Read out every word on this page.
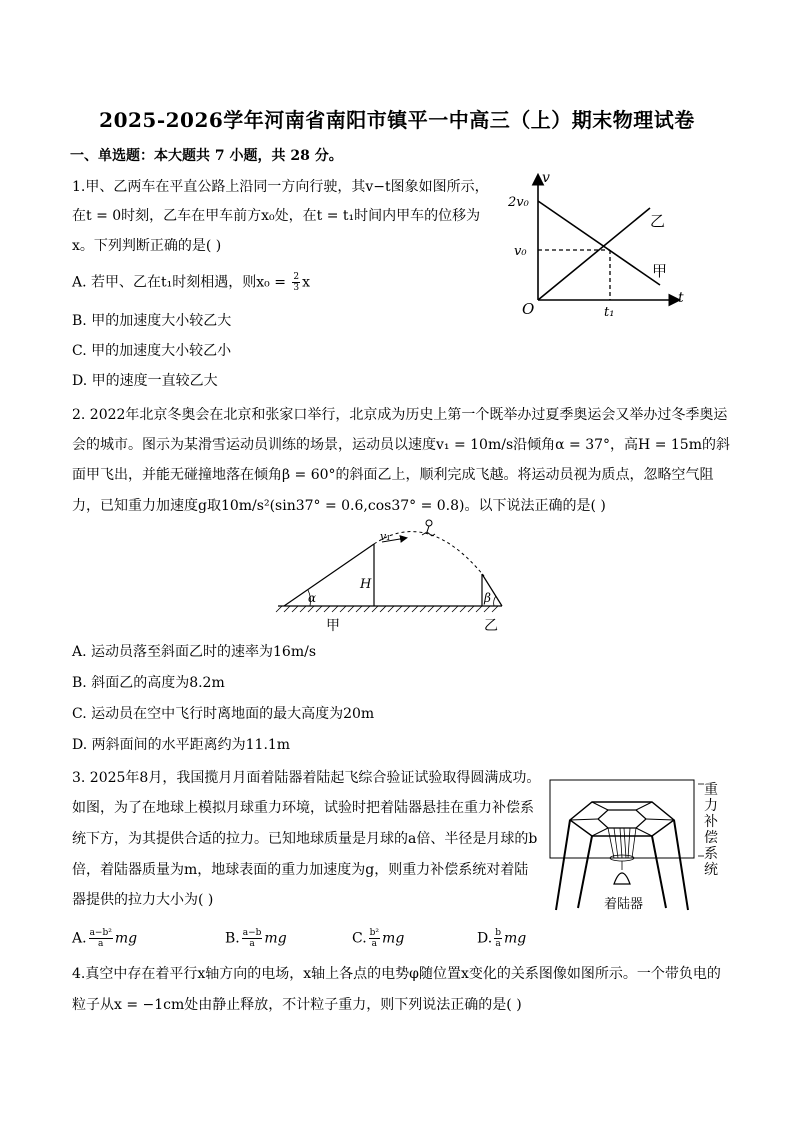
2025-2026学年河南省南阳市镇平一中高三（上）期末物理试卷
一、单选题：本大题共 7 小题，共 28 分。
1.甲、乙两车在平直公路上沿同一方向行驶，其v−t图象如图所示，
在t = 0时刻，乙车在甲车前方x₀处，在t = t₁时间内甲车的位移为
x。下列判断正确的是( )
A. 若甲、乙在t₁时刻相遇，则$x_0 = \frac{2}{3}$ x
B. 甲的加速度大小较乙大
C. 甲的加速度大小较乙小
D. 甲的速度一直较乙大
v
t
O
2v₀
v₀
t₁
乙
甲
2. 2022年北京冬奥会在北京和张家口举行，北京成为历史上第一个既举办过夏季奥运会又举办过冬季奥运
会的城市。图示为某滑雪运动员训练的场景，运动员以速度v₁ = 10m/s沿倾角α = 37°，高H = 15m的斜
面甲飞出，并能无碰撞地落在倾角β = 60°的斜面乙上，顺利完成飞越。将运动员视为质点，忽略空气阻
力，已知重力加速度g取10m/s²(sin37° = 0.6,cos37° = 0.8)。以下说法正确的是( )
v₁
H
α	β
甲	乙
A. 运动员落至斜面乙时的速率为16m/s
B. 斜面乙的高度为8.2m
C. 运动员在空中飞行时离地面的最大高度为20m
D. 两斜面间的水平距离约为11.1m
3. 2025年8月，我国揽月月面着陆器着陆起飞综合验证试验取得圆满成功。
如图，为了在地球上模拟月球重力环境，试验时把着陆器悬挂在重力补偿系
统下方，为其提供合适的拉力。已知地球质量是月球的a倍、半径是月球的b
倍，着陆器质量为m，地球表面的重力加速度为g，则重力补偿系统对着陆
器提供的拉力大小为( )
A. $\frac{\text{a−b²}}{a}$ mg	B. $\frac{a-b}{a}$ mg	C. $\frac{\text{b²}}{a}$ mg	D. $\frac{b}{a}$ mg
着陆器
重
力
补
偿
系
统
4.真空中存在着平行x轴方向的电场，x轴上各点的电势φ随位置x变化的关系图像如图所示。一个带负电的
粒子从x = −1cm处由静止释放，不计粒子重力，则下列说法正确的是( )
